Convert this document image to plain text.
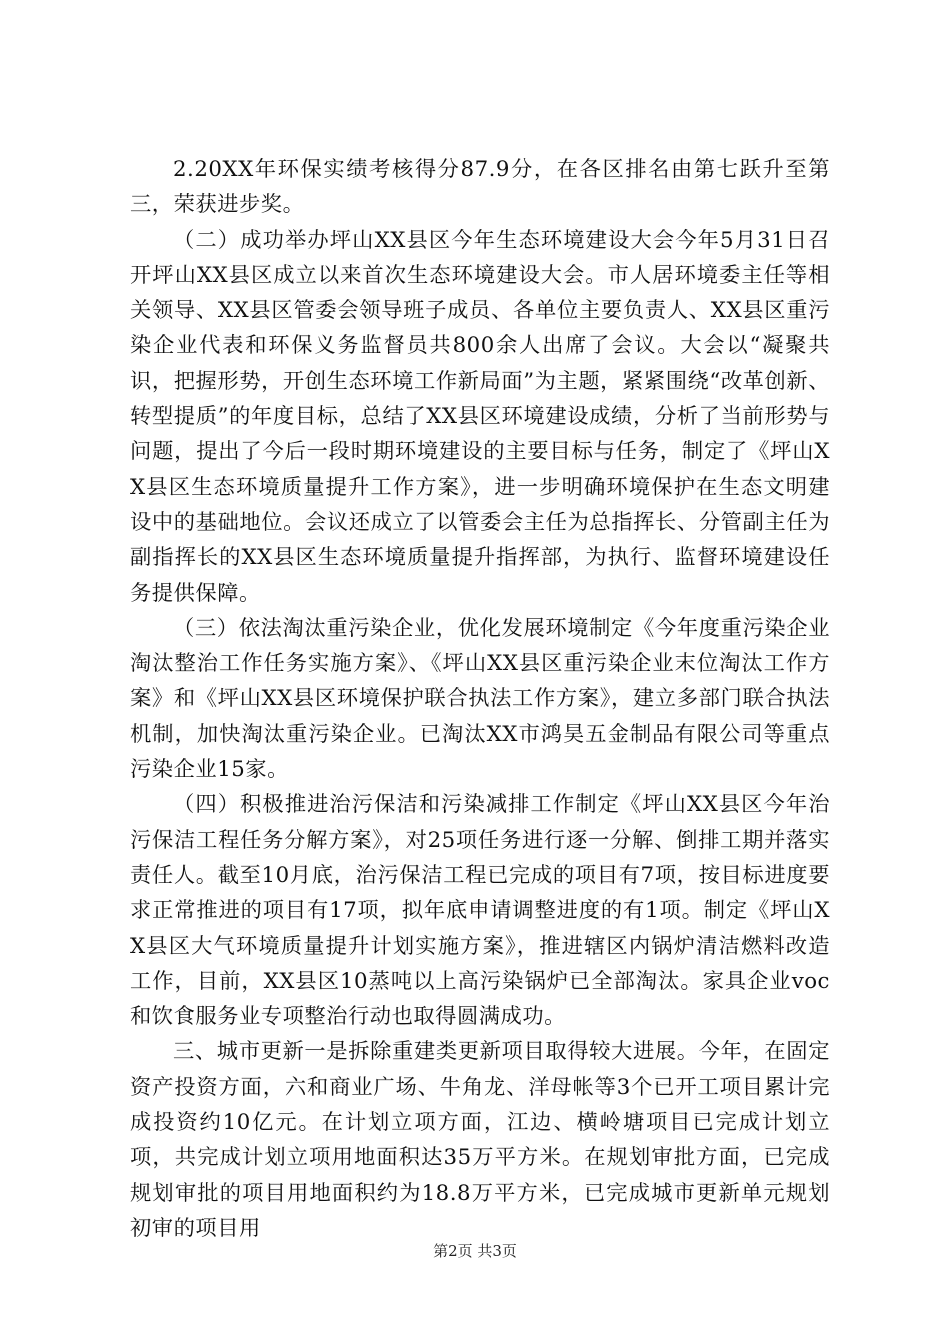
2.20XX年环保实绩考核得分87.9分，在各区排名由第七跃升至第三，荣获进步奖。

（二）成功举办坪山XX县区今年生态环境建设大会今年5月31日召开坪山XX县区成立以来首次生态环境建设大会。市人居环境委主任等相关领导、XX县区管委会领导班子成员、各单位主要负责人、XX县区重污染企业代表和环保义务监督员共800余人出席了会议。大会以“凝聚共识，把握形势，开创生态环境工作新局面”为主题，紧紧围绕“改革创新、转型提质”的年度目标，总结了XX县区环境建设成绩，分析了当前形势与问题，提出了今后一段时期环境建设的主要目标与任务，制定了《坪山XX县区生态环境质量提升工作方案》，进一步明确环境保护在生态文明建设中的基础地位。会议还成立了以管委会主任为总指挥长、分管副主任为副指挥长的XX县区生态环境质量提升指挥部，为执行、监督环境建设任务提供保障。

（三）依法淘汰重污染企业，优化发展环境制定《今年度重污染企业淘汰整治工作任务实施方案》、《坪山XX县区重污染企业末位淘汰工作方案》和《坪山XX县区环境保护联合执法工作方案》，建立多部门联合执法机制，加快淘汰重污染企业。已淘汰XX市鸿昊五金制品有限公司等重点污染企业15家。

（四）积极推进治污保洁和污染减排工作制定《坪山XX县区今年治污保洁工程任务分解方案》，对25项任务进行逐一分解、倒排工期并落实责任人。截至10月底，治污保洁工程已完成的项目有7项，按目标进度要求正常推进的项目有17项，拟年底申请调整进度的有1项。制定《坪山XX县区大气环境质量提升计划实施方案》，推进辖区内锅炉清洁燃料改造工作，目前，XX县区10蒸吨以上高污染锅炉已全部淘汰。家具企业voc和饮食服务业专项整治行动也取得圆满成功。

三、城市更新一是拆除重建类更新项目取得较大进展。今年，在固定资产投资方面，六和商业广场、牛角龙、洋母帐等3个已开工项目累计完成投资约10亿元。在计划立项方面，江边、横岭塘项目已完成计划立项，共完成计划立项用地面积达35万平方米。在规划审批方面，已完成规划审批的项目用地面积约为18.8万平方米，已完成城市更新单元规划初审的项目用

第2页 共3页
